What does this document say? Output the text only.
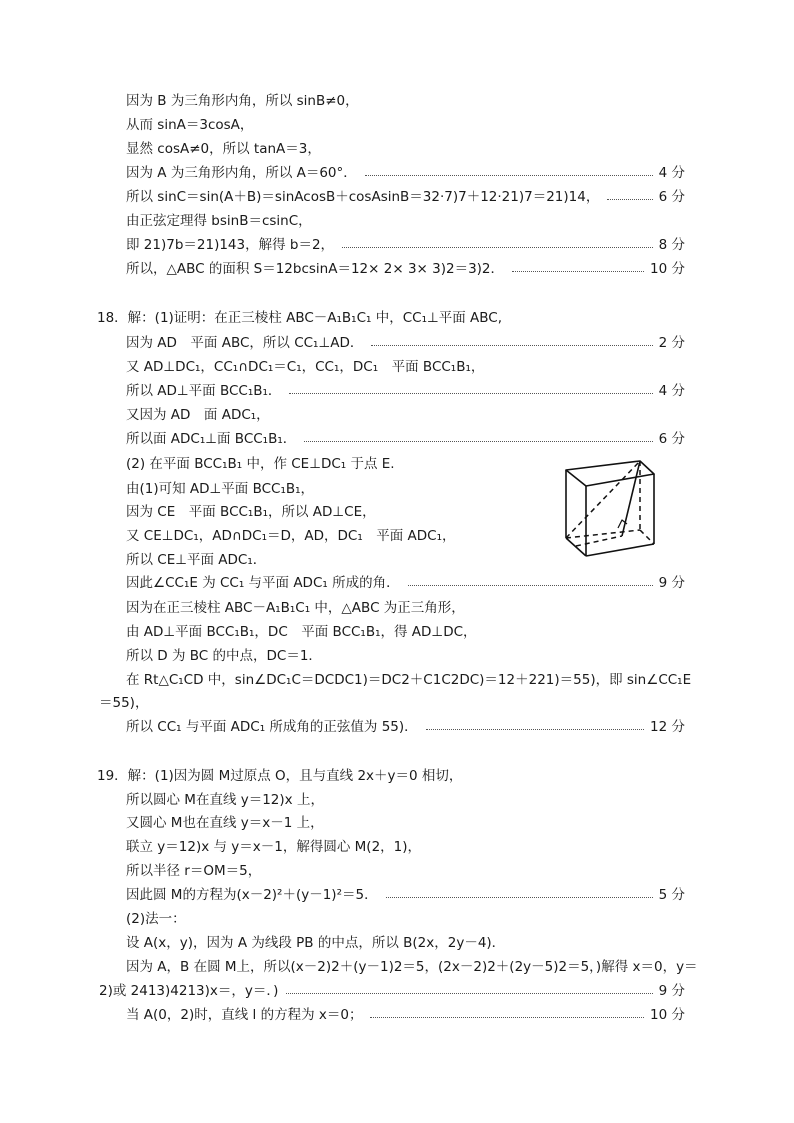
因为 B 为三角形内角，所以 sinB≠0，
从而 sinA＝3cosA，
显然 cosA≠0，所以 tanA＝3，
因为 A 为三角形内角，所以 A＝60°．	4 分
所以 sinC＝sin(A＋B)＝sinAcosB＋cosAsinB＝32·7)7＋12·21)7＝21)14，	6 分
由正弦定理得 bsinB＝csinC，
即 21)7b＝21)143，解得 b＝2，	8 分
所以，△ABC 的面积 S＝12bcsinA＝12× 2× 3× 3)2＝3)2．	10 分
18．解：(1)证明：在正三棱柱 ABC－A₁B₁C₁ 中，CC₁⊥平面 ABC,
因为 AD　平面 ABC，所以 CC₁⊥AD．	2 分
又 AD⊥DC₁，CC₁∩DC₁＝C₁，CC₁，DC₁　平面 BCC₁B₁，
所以 AD⊥平面 BCC₁B₁．	4 分
又因为 AD　面 ADC₁，
所以面 ADC₁⊥面 BCC₁B₁．	6 分
(2) 在平面 BCC₁B₁ 中，作 CE⊥DC₁ 于点 E.
由(1)可知 AD⊥平面 BCC₁B₁，
因为 CE　平面 BCC₁B₁，所以 AD⊥CE，
又 CE⊥DC₁，AD∩DC₁＝D，AD，DC₁　平面 ADC₁，
所以 CE⊥平面 ADC₁．
因此∠CC₁E 为 CC₁ 与平面 ADC₁ 所成的角．	9 分
因为在正三棱柱 ABC－A₁B₁C₁ 中，△ABC 为正三角形，
由 AD⊥平面 BCC₁B₁，DC　平面 BCC₁B₁，得 AD⊥DC，
所以 D 为 BC 的中点，DC＝1．
在 Rt△C₁CD 中，sin∠DC₁C＝DCDC1)＝DC2＋C1C2DC)＝12＋221)＝55)，即 sin∠CC₁E
＝55)，
所以 CC₁ 与平面 ADC₁ 所成角的正弦值为 55)．	12 分
19．解：(1)因为圆 M过原点 O，且与直线 2x＋y＝0 相切，
所以圆心 M在直线 y＝12)x 上，
又圆心 M也在直线 y＝x－1 上，
联立 y＝12)x 与 y＝x－1，解得圆心 M(2，1)，
所以半径 r＝OM＝5，
因此圆 M的方程为(x－2)²＋(y－1)²＝5．	5 分
(2)法一：
设 A(x，y)，因为 A 为线段 PB 的中点，所以 B(2x，2y－4)．
因为 A，B 在圆 M上，所以(x－2)2＋(y－1)2＝5，(2x－2)2＋(2y－5)2＝5，)解得 x＝0，y＝
2)或 2413)4213)x＝，y＝．)	9 分
当 A(0，2)时，直线 l 的方程为 x＝0；	10 分
